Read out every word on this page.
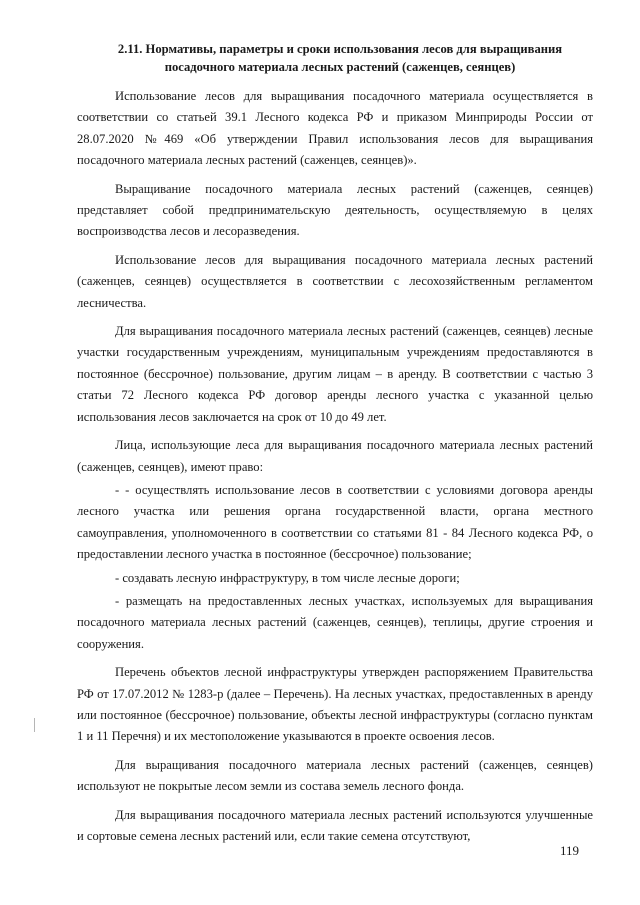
2.11. Нормативы, параметры и сроки использования лесов для выращивания
посадочного материала лесных растений (саженцев, сеянцев)

Использование лесов для выращивания посадочного материала осуществляется в соответствии со статьей 39.1 Лесного кодекса РФ и приказом Минприроды России от 28.07.2020 №469 «Об утверждении Правил использования лесов для выращивания посадочного материала лесных растений (саженцев, сеянцев)».

Выращивание посадочного материала лесных растений (саженцев, сеянцев) представляет собой предпринимательскую деятельность, осуществляемую в целях воспроизводства лесов и лесоразведения.

Использование лесов для выращивания посадочного материала лесных растений (саженцев, сеянцев) осуществляется в соответствии с лесохозяйственным регламентом лесничества.

Для выращивания посадочного материала лесных растений (саженцев, сеянцев) лесные участки государственным учреждениям, муниципальным учреждениям предоставляются в постоянное (бессрочное) пользование, другим лицам – в аренду. В соответствии с частью 3 статьи 72 Лесного кодекса РФ договор аренды лесного участка с указанной целью использования лесов заключается на срок от 10 до 49 лет.

Лица, использующие леса для выращивания посадочного материала лесных растений (саженцев, сеянцев), имеют право:

- - осуществлять использование лесов в соответствии с условиями договора аренды лесного участка или решения органа государственной власти, органа местного самоуправления, уполномоченного в соответствии со статьями 81 - 84 Лесного кодекса РФ, о предоставлении лесного участка в постоянное (бессрочное) пользование;

- создавать лесную инфраструктуру, в том числе лесные дороги;

- размещать на предоставленных лесных участках, используемых для выращивания посадочного материала лесных растений (саженцев, сеянцев), теплицы, другие строения и сооружения.

Перечень объектов лесной инфраструктуры утвержден распоряжением Правительства РФ от 17.07.2012 № 1283-р (далее – Перечень). На лесных участках, предоставленных в аренду или постоянное (бессрочное) пользование, объекты лесной инфраструктуры (согласно пунктам 1 и 11 Перечня) и их местоположение указываются в проекте освоения лесов.

Для выращивания посадочного материала лесных растений (саженцев, сеянцев) используют не покрытые лесом земли из состава земель лесного фонда.

Для выращивания посадочного материала лесных растений используются улучшенные и сортовые семена лесных растений или, если такие семена отсутствуют,

119
